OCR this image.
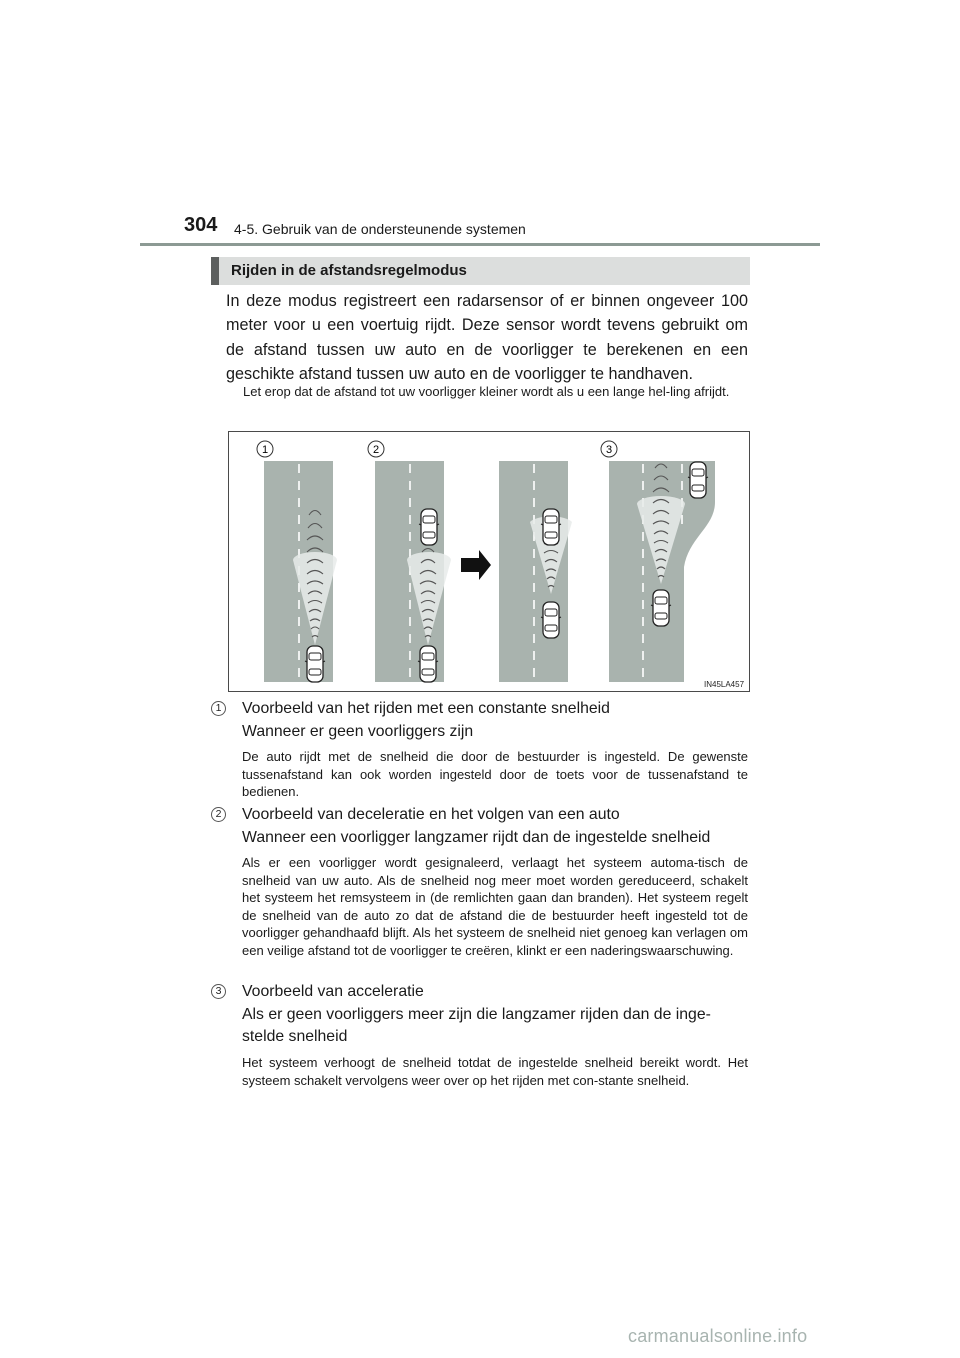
304 4-5. Gebruik van de ondersteunende systemen
Rijden in de afstandsregelmodus

In deze modus registreert een radarsensor of er binnen ongeveer 100 meter voor u een voertuig rijdt. Deze sensor wordt tevens gebruikt om de afstand tussen uw auto en de voorligger te berekenen en een geschikte afstand tussen uw auto en de voorligger te handhaven.

Let erop dat de afstand tot uw voorligger kleiner wordt als u een lange hel-ling afrijdt.

1	2	3
IN45LA457
1 Voorbeeld van het rijden met een constante snelheid
Wanneer er geen voorliggers zijn

De auto rijdt met de snelheid die door de bestuurder is ingesteld. De gewenste tussenafstand kan ook worden ingesteld door de toets voor de tussenafstand te bedienen.

2 Voorbeeld van deceleratie en het volgen van een auto
Wanneer een voorligger langzamer rijdt dan de ingestelde snelheid

Als er een voorligger wordt gesignaleerd, verlaagt het systeem automa-tisch de snelheid van uw auto. Als de snelheid nog meer moet worden gereduceerd, schakelt het systeem het remsysteem in (de remlichten gaan dan branden). Het systeem regelt de snelheid van de auto zo dat de afstand die de bestuurder heeft ingesteld tot de voorligger gehandhaafd blijft. Als het systeem de snelheid niet genoeg kan verlagen om een veilige afstand tot de voorligger te creëren, klinkt er een naderingswaarschuwing.

3 Voorbeeld van acceleratie
Als er geen voorliggers meer zijn die langzamer rijden dan de inge-stelde snelheid

Het systeem verhoogt de snelheid totdat de ingestelde snelheid bereikt wordt. Het systeem schakelt vervolgens weer over op het rijden met con-stante snelheid.

carmanualsonline.info
